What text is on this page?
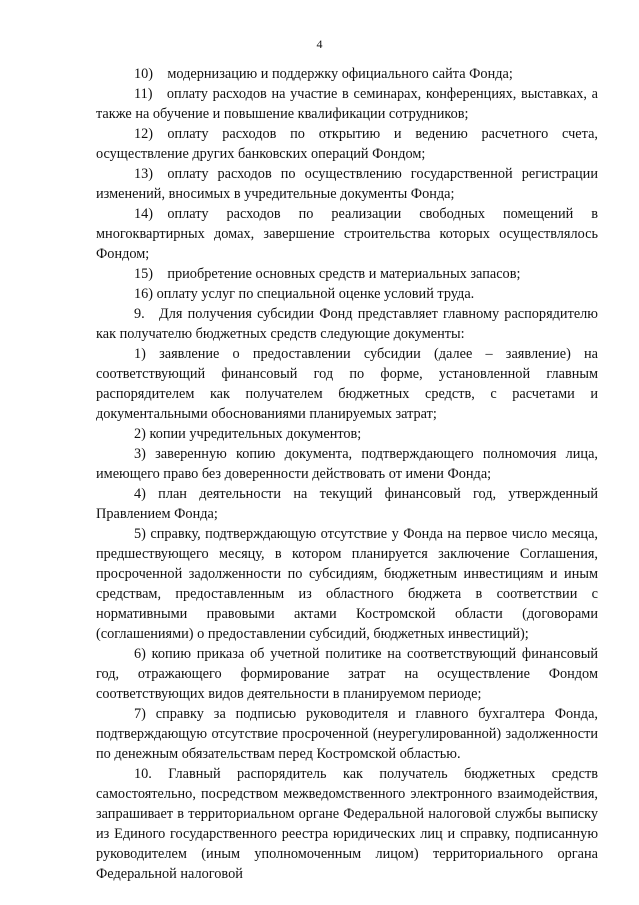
4

10) модернизацию и поддержку официального сайта Фонда;

11) оплату расходов на участие в семинарах, конференциях, выставках, а также на обучение и повышение квалификации сотрудников;

12) оплату расходов по открытию и ведению расчетного счета, осуществление других банковских операций Фондом;

13) оплату расходов по осуществлению государственной регистрации изменений, вносимых в учредительные документы Фонда;

14) оплату расходов по реализации свободных помещений в многоквартирных домах, завершение строительства которых осуществлялось Фондом;

15) приобретение основных средств и материальных запасов;

16) оплату услуг по специальной оценке условий труда.

9. Для получения субсидии Фонд представляет главному распорядителю как получателю бюджетных средств следующие документы:

1) заявление о предоставлении субсидии (далее – заявление) на соответствующий финансовый год по форме, установленной главным распорядителем как получателем бюджетных средств, с расчетами и документальными обоснованиями планируемых затрат;

2) копии учредительных документов;

3) заверенную копию документа, подтверждающего полномочия лица, имеющего право без доверенности действовать от имени Фонда;

4) план деятельности на текущий финансовый год, утвержденный Правлением Фонда;

5) справку, подтверждающую отсутствие у Фонда на первое число месяца, предшествующего месяцу, в котором планируется заключение Соглашения, просроченной задолженности по субсидиям, бюджетным инвестициям и иным средствам, предоставленным из областного бюджета в соответствии с нормативными правовыми актами Костромской области (договорами (соглашениями) о предоставлении субсидий, бюджетных инвестиций);

6) копию приказа об учетной политике на соответствующий финансовый год, отражающего формирование затрат на осуществление Фондом соответствующих видов деятельности в планируемом периоде;

7) справку за подписью руководителя и главного бухгалтера Фонда, подтверждающую отсутствие просроченной (неурегулированной) задолженности по денежным обязательствам перед Костромской областью.

10. Главный распорядитель как получатель бюджетных средств самостоятельно, посредством межведомственного электронного взаимодействия, запрашивает в территориальном органе Федеральной налоговой службы выписку из Единого государственного реестра юридических лиц и справку, подписанную руководителем (иным уполномоченным лицом) территориального органа Федеральной налоговой
